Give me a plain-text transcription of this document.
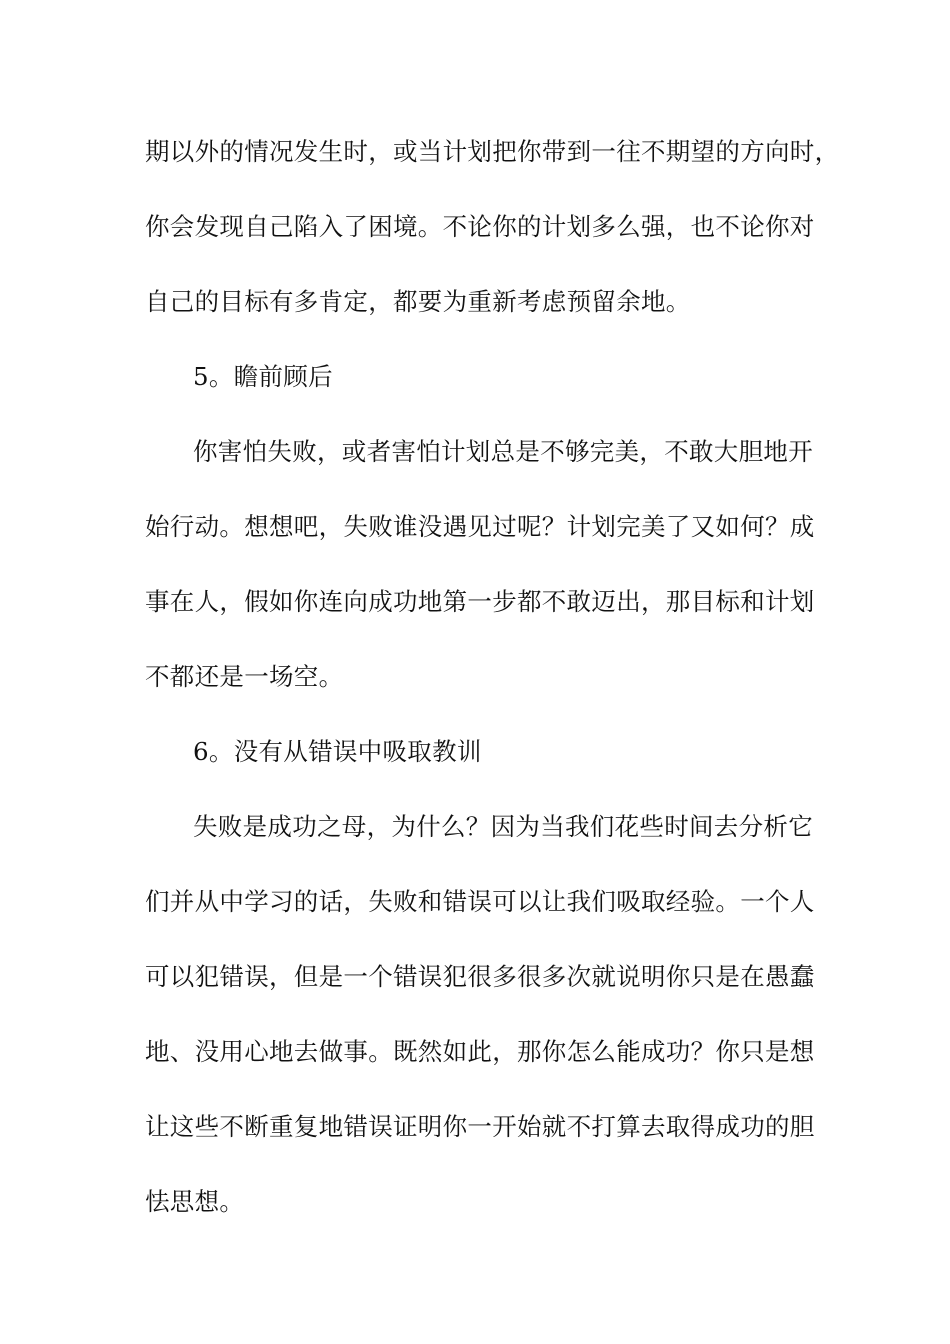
期以外的情况发生时，或当计划把你带到一往不期望的方向时，
你会发现自己陷入了困境。不论你的计划多么强，也不论你对
自己的目标有多肯定，都要为重新考虑预留余地。
5。瞻前顾后
你害怕失败，或者害怕计划总是不够完美，不敢大胆地开
始行动。想想吧，失败谁没遇见过呢？计划完美了又如何？成
事在人，假如你连向成功地第一步都不敢迈出，那目标和计划
不都还是一场空。
6。没有从错误中吸取教训
失败是成功之母，为什么？因为当我们花些时间去分析它
们并从中学习的话，失败和错误可以让我们吸取经验。一个人
可以犯错误，但是一个错误犯很多很多次就说明你只是在愚蠢
地、没用心地去做事。既然如此，那你怎么能成功？你只是想
让这些不断重复地错误证明你一开始就不打算去取得成功的胆
怯思想。
